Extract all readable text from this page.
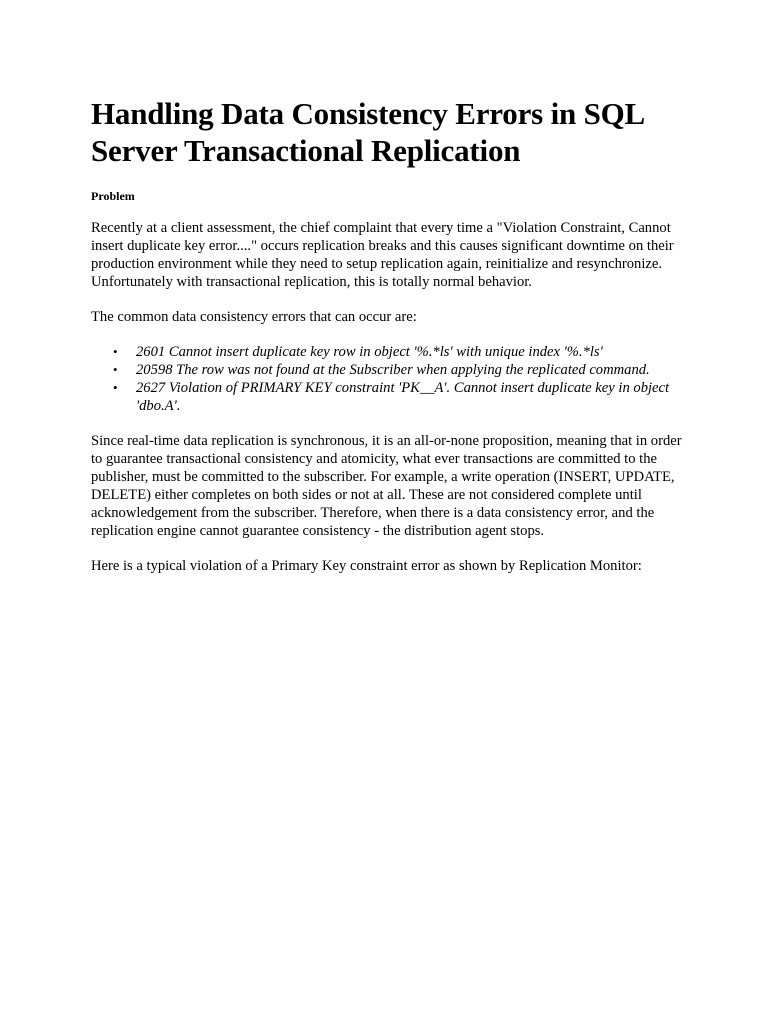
Handling Data Consistency Errors in SQL Server Transactional Replication
Problem

Recently at a client assessment, the chief complaint that every time a "Violation Constraint, Cannot insert duplicate key error...." occurs replication breaks and this causes significant downtime on their production environment while they need to setup replication again, reinitialize and resynchronize. Unfortunately with transactional replication, this is totally normal behavior.

The common data consistency errors that can occur are:

• 2601 Cannot insert duplicate key row in object '%.*ls' with unique index '%.*ls'
• 20598 The row was not found at the Subscriber when applying the replicated command.
• 2627 Violation of PRIMARY KEY constraint 'PK__A'. Cannot insert duplicate key in object 'dbo.A'.

Since real-time data replication is synchronous, it is an all-or-none proposition, meaning that in order to guarantee transactional consistency and atomicity, what ever transactions are committed to the publisher, must be committed to the subscriber. For example, a write operation (INSERT, UPDATE, DELETE) either completes on both sides or not at all. These are not considered complete until acknowledgement from the subscriber. Therefore, when there is a data consistency error, and the replication engine cannot guarantee consistency - the distribution agent stops.

Here is a typical violation of a Primary Key constraint error as shown by Replication Monitor:
